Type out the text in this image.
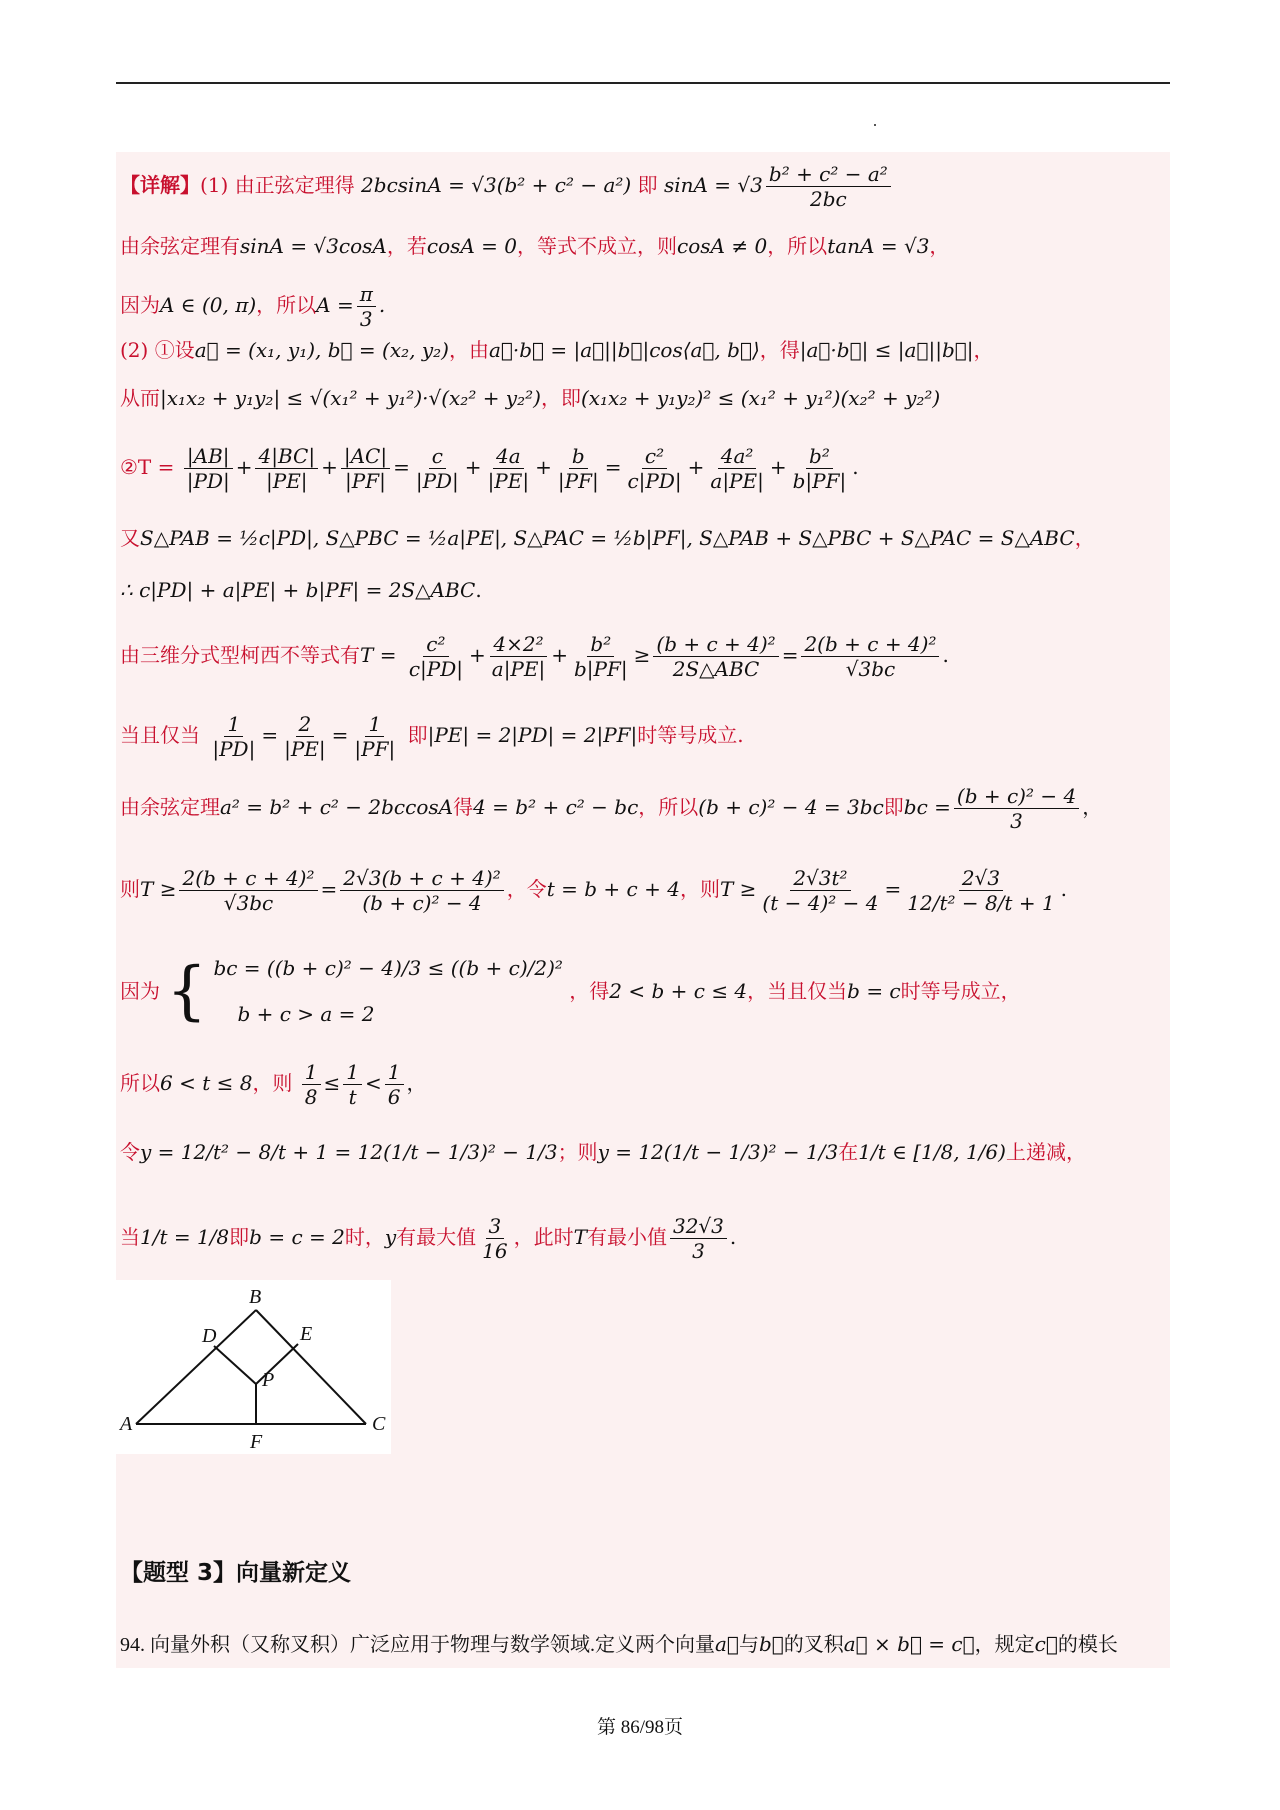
【详解】(1) 由正弦定理得 2bcsinA = √3(b² + c² − a²) 即 $\sin A = √3 \frac{\text{b² + c² − a²}}{2bc}$
由余弦定理有sinA = √3cosA，若cosA = 0，等式不成立，则cosA ≠ 0，所以tanA = √3，
因为A ∈ (0, π)，所以$A = \frac{\pi}{3}$ .
(2) ①设a⃗ = (x₁, y₁), b⃗ = (x₂, y₂)，由a⃗·b⃗ = |a⃗||b⃗|cos⟨a⃗, b⃗⟩，得|a⃗·b⃗| ≤ |a⃗||b⃗|，
从而|x₁x₂ + y₁y₂| ≤ √(x₁² + y₁²)·√(x₂² + y₂²)，即(x₁x₂ + y₁y₂)² ≤ (x₁² + y₁²)(x₂² + y₂²)
②T = $\frac{|AB|}{|PD|} + \frac{4|BC|}{|PE|} + \frac{|AC|}{|PF|} = \frac{c}{|PD|} + \frac{4a}{|PE|} + \frac{b}{|PF|} = \frac{\text{c²}}{c|PD|} + \frac{\text{4a²}}{a|PE|} + \frac{\text{b²}}{b|PF|}$ .
又S△PAB = ½c|PD|, S△PBC = ½a|PE|, S△PAC = ½b|PF|, S△PAB + S△PBC + S△PAC = S△ABC，
∴ c|PD| + a|PE| + b|PF| = 2S△ABC.
由三维分式型柯西不等式有$T = \frac{\text{c²}}{c|PD|} + \frac{\text{4×2²}}{a|PE|} + \frac{\text{b²}}{b|PF|} \ge \frac{\text{(b + c + 4)²}}{\text{2S△ABC}} = \frac{\text{2(b + c + 4)²}}{√3bc}$ .
当且仅当 $\frac{1}{|PD|} = \frac{2}{|PE|} = \frac{1}{|PF|}$ 即|PE| = 2|PD| = 2|PF|时等号成立.
由余弦定理a² = b² + c² − 2bccosA得4 = b² + c² − bc，所以(b + c)² − 4 = 3bc即bc = $\frac{\text{(b + c)² − 4}}{3}$ ，
则$T \ge \frac{\text{2(b + c + 4)²}}{√3bc} = \frac{\text{2√3(b + c + 4)²}}{\text{(b + c)² − 4}}$ ，令t = b + c + 4，则$T \ge \frac{\text{2√3t²}}{\text{(t − 4)² − 4}} = \frac{2√3}{\text{12/t² − 8/t + 1}}$ .
因为 { bc = ((b + c)² − 4)/3 ≤ ((b + c)/2)²
b + c > a = 2
，得2 < b + c ≤ 4，当且仅当b = c时等号成立，
所以6 < t ≤ 8，则 $\frac{1}{8} \le \frac{1}{t} < \frac{1}{6}$ ，
令y = 12/t² − 8/t + 1 = 12(1/t − 1/3)² − 1/3；则y = 12(1/t − 1/3)² − 1/3在1/t ∈ [1/8, 1/6)上递减，
当1/t = 1/8即b = c = 2时，y有最大值 $\frac{3}{16}$ ，此时T有最小值 $\frac{32√3}{3}$ .
B
D	E
P
A	C
F
【题型 3】向量新定义
94. 向量外积（又称叉积）广泛应用于物理与数学领域.定义两个向量a⃗与b⃗的叉积a⃗ × b⃗ = c⃗，规定c⃗的模长
第 86/98页
